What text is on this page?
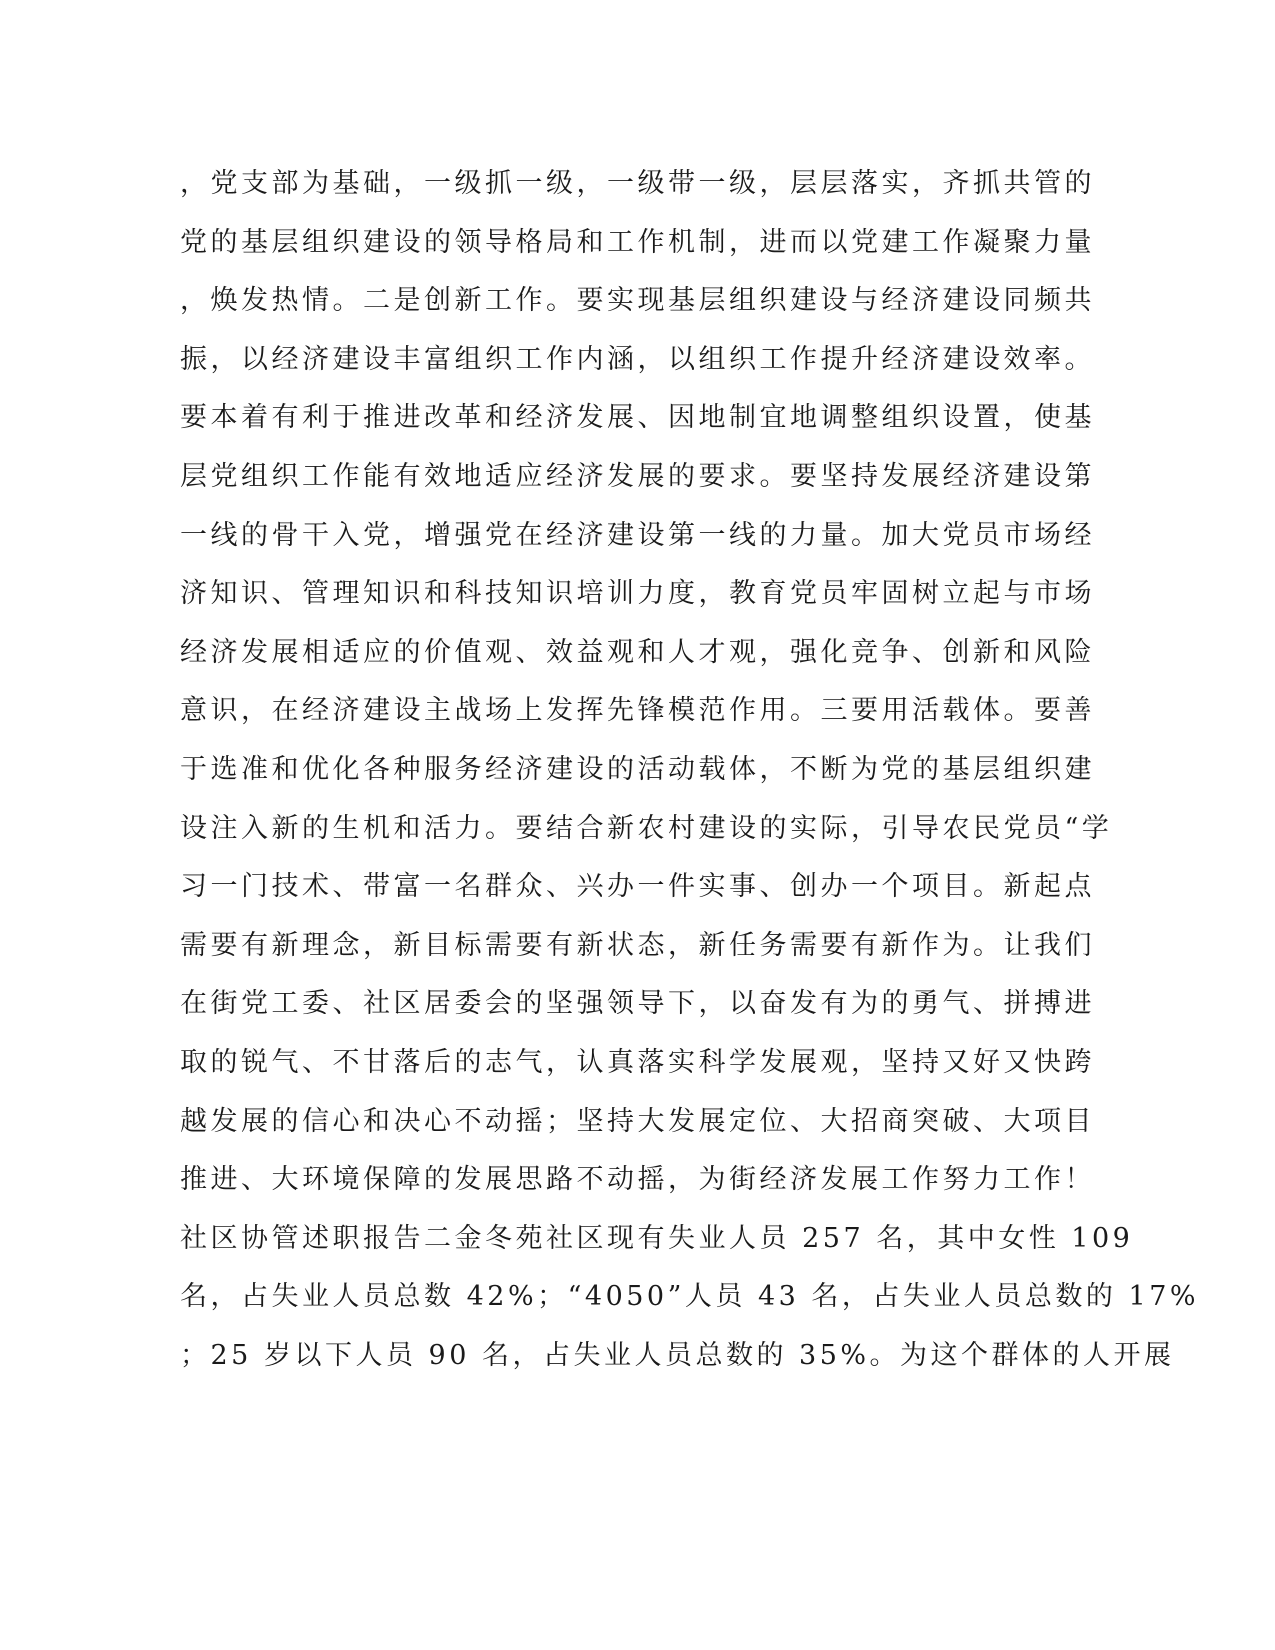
，党支部为基础，一级抓一级，一级带一级，层层落实，齐抓共管的
党的基层组织建设的领导格局和工作机制，进而以党建工作凝聚力量
，焕发热情。二是创新工作。要实现基层组织建设与经济建设同频共
振，以经济建设丰富组织工作内涵，以组织工作提升经济建设效率。
要本着有利于推进改革和经济发展、因地制宜地调整组织设置，使基
层党组织工作能有效地适应经济发展的要求。要坚持发展经济建设第
一线的骨干入党，增强党在经济建设第一线的力量。加大党员市场经
济知识、管理知识和科技知识培训力度，教育党员牢固树立起与市场
经济发展相适应的价值观、效益观和人才观，强化竞争、创新和风险
意识，在经济建设主战场上发挥先锋模范作用。三要用活载体。要善
于选准和优化各种服务经济建设的活动载体，不断为党的基层组织建
设注入新的生机和活力。要结合新农村建设的实际，引导农民党员“学
习一门技术、带富一名群众、兴办一件实事、创办一个项目。新起点
需要有新理念，新目标需要有新状态，新任务需要有新作为。让我们
在街党工委、社区居委会的坚强领导下，以奋发有为的勇气、拼搏进
取的锐气、不甘落后的志气，认真落实科学发展观，坚持又好又快跨
越发展的信心和决心不动摇；坚持大发展定位、大招商突破、大项目
推进、大环境保障的发展思路不动摇，为街经济发展工作努力工作！
社区协管述职报告二金冬苑社区现有失业人员 257 名，其中女性 109
名，占失业人员总数 42%；“4050”人员 43 名，占失业人员总数的 17%
；25 岁以下人员 90 名，占失业人员总数的 35%。为这个群体的人开展
